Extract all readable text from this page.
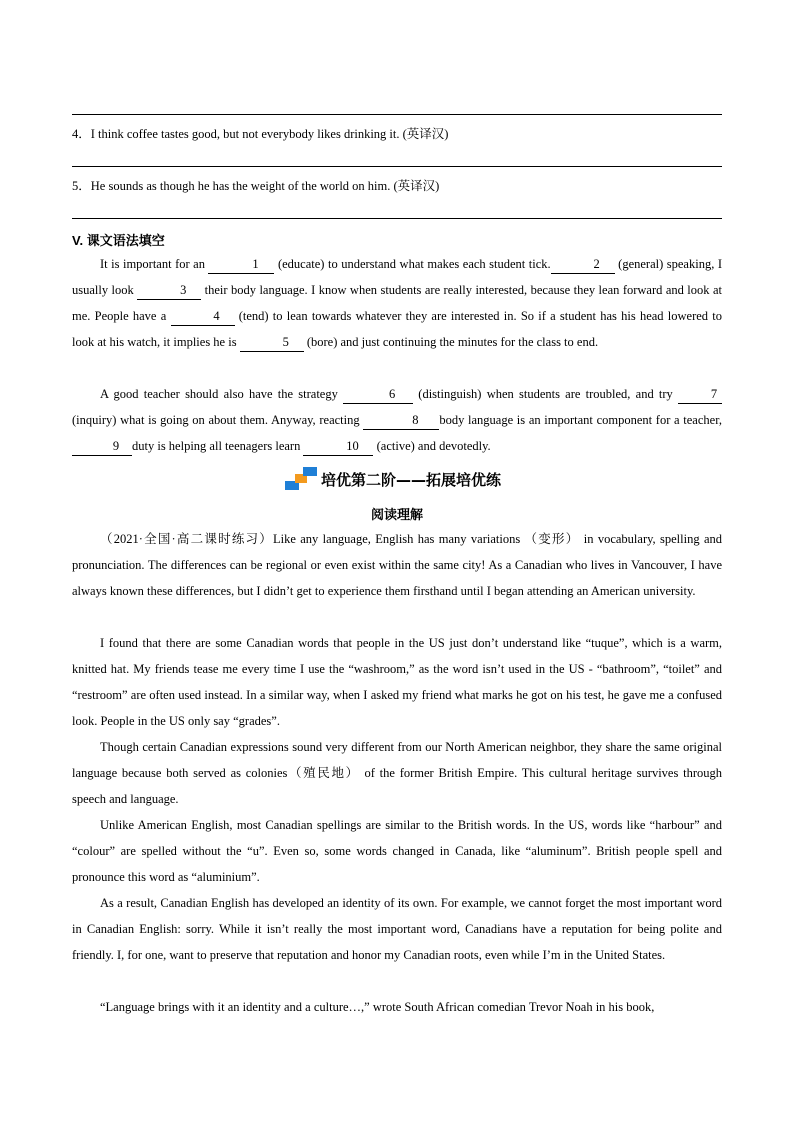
4．I think coffee tastes good, but not everybody likes drinking it. (英译汉)
5．He sounds as though he has the weight of the world on him. (英译汉)
V. 课文语法填空
It is important for an	1 (educate) to understand what makes each student tick.	2 (general) speaking, I usually look	3 their body language. I know when students are really interested, because they lean forward and look at me. People have a	4 (tend) to lean towards whatever they are interested in. So if a student has his head lowered to look at his watch, it implies he is	5 (bore) and just continuing the minutes for the class to end.
A good teacher should also have the strategy	6 (distinguish) when students are troubled, and try	7 (inquiry) what is going on about them. Anyway, reacting	8 body language is an important component for a teacher, 9 duty is helping all teenagers learn	10 (active) and devotedly.
培优第二阶——拓展培优练
阅读理解
（2021·全国·高二课时练习）Like any language, English has many variations （变形） in vocabulary, spelling and pronunciation. The differences can be regional or even exist within the same city! As a Canadian who lives in Vancouver, I have always known these differences, but I didn’t get to experience them firsthand until I began attending an American university.
I found that there are some Canadian words that people in the US just don’t understand like “tuque”, which is a warm, knitted hat. My friends tease me every time I use the “washroom,” as the word isn’t used in the US - “bathroom”, “toilet” and “restroom” are often used instead. In a similar way, when I asked my friend what marks he got on his test, he gave me a confused look. People in the US only say “grades”.
Though certain Canadian expressions sound very different from our North American neighbor, they share the same original language because both served as colonies（殖民地） of the former British Empire. This cultural heritage survives through speech and language.
Unlike American English, most Canadian spellings are similar to the British words. In the US, words like “harbour” and “colour” are spelled without the “u”. Even so, some words changed in Canada, like “aluminum”. British people spell and pronounce this word as “aluminium”.
As a result, Canadian English has developed an identity of its own. For example, we cannot forget the most important word in Canadian English: sorry. While it isn’t really the most important word, Canadians have a reputation for being polite and friendly. I, for one, want to preserve that reputation and honor my Canadian roots, even while I’m in the United States.
“Language brings with it an identity and a culture…,” wrote South African comedian Trevor Noah in his book,
